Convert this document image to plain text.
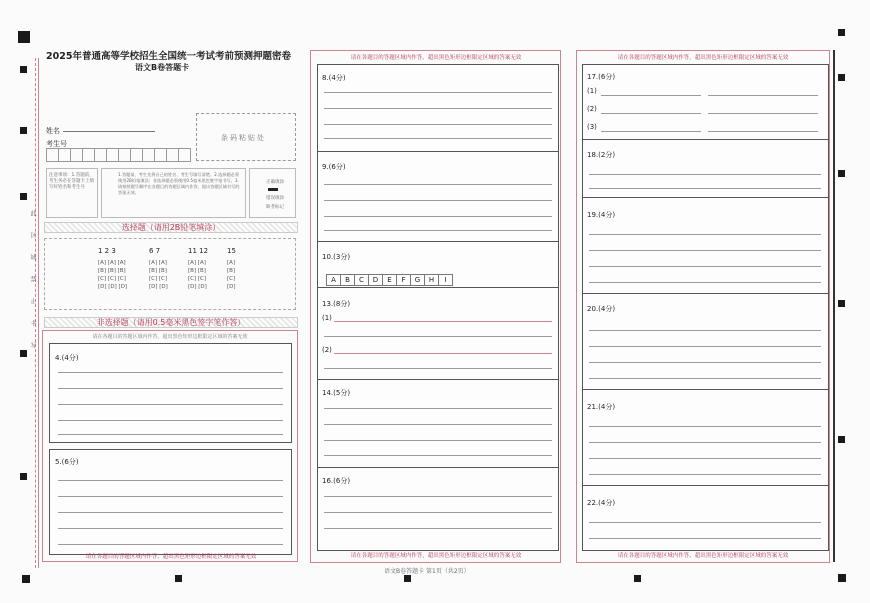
此区域禁止书写
2025年普通高等学校招生全国统一考试考前预测押题密卷
语文B卷答题卡
姓名
考生号
条码粘贴处
注意事项：1.答题前，考生务必在答题卡上填写好姓名和考生号
1.答题前，考生先将自己的姓名、考生号填写清楚。2.选择题必须使用2B铅笔填涂；非选择题必须使用0.5毫米黑色签字笔书写。3.请按照题号顺序在各题目的答题区域内作答，超出答题区域书写的答案无效。
正确填涂
错误填涂
缺考标记
选择题（请用2B铅笔填涂）
1 2 3
[A] [A] [A]
[B] [B] [B]
[C] [C] [C]
[D] [D] [D]
6 7
[A] [A]
[B] [B]
[C] [C]
[D] [D]
11 12
[A] [A]
[B] [B]
[C] [C]
[D] [D]
15
[A]
[B]
[C]
[D]
非选择题（请用0.5毫米黑色签字笔作答）
请在各题目的答题区域内作答，超出黑色矩形边框限定区域的答案无效
4.(4分)
5.(6分)
请在各题目的答题区域内作答，超出黑色矩形边框限定区域的答案无效
请在各题目的答题区域内作答，超出黑色矩形边框限定区域的答案无效
8.(4分)
9.(6分)
10.(3分)
A B C D E F G H I
13.(8分)
(1)
(2)
14.(5分)
16.(6分)
请在各题目的答题区域内作答，超出黑色矩形边框限定区域的答案无效
请在各题目的答题区域内作答，超出黑色矩形边框限定区域的答案无效
17.(6分)
(1)
(2)
(3)
18.(2分)
19.(4分)
20.(4分)
21.(4分)
22.(4分)
请在各题目的答题区域内作答，超出黑色矩形边框限定区域的答案无效
语文B卷答题卡 第1页（共2页）
